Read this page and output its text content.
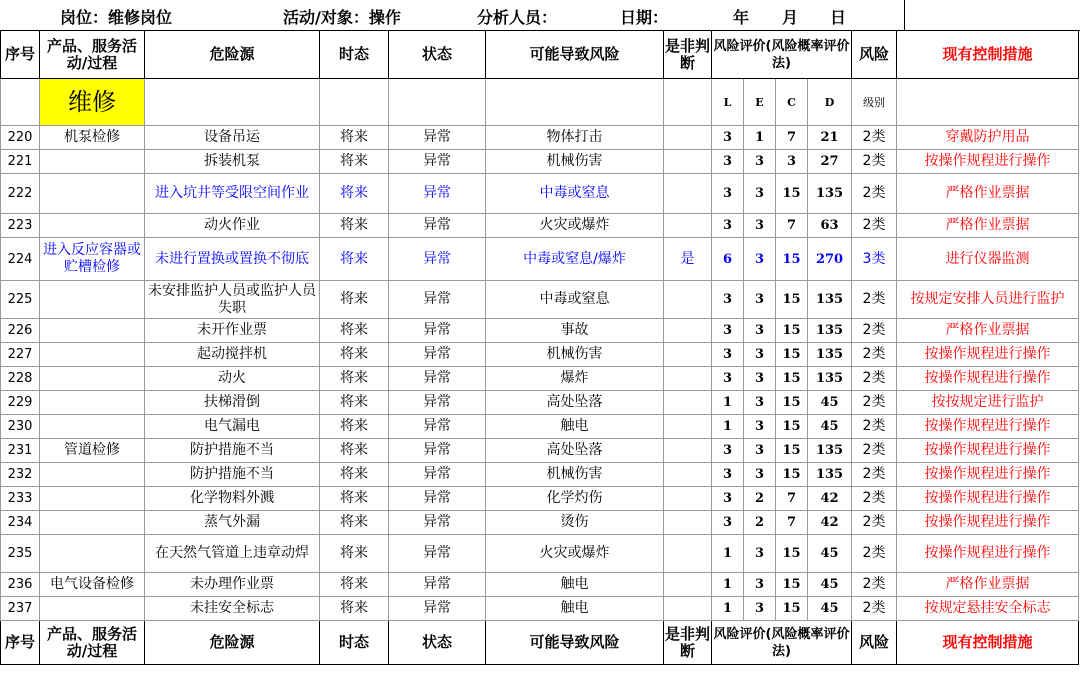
岗位：维修岗位	活动/对象：操作	分析人员：	日期：	年 月 日
序号	产品、服务活动/过程	危险源	时态	状态	可能导致风险	是非判断	风险评价(风险概率评价法)				风险	现有控制措施
	维修						L	E	C	D	级别	
220	机泵检修	设备吊运	将来	异常	物体打击		3	1	7	21	2类	穿戴防护用品
221		拆装机泵	将来	异常	机械伤害		3	3	3	27	2类	按操作规程进行操作
222		进入坑井等受限空间作业	将来	异常	中毒或窒息		3	3	15	135	2类	严格作业票据
223		动火作业	将来	异常	火灾或爆炸		3	3	7	63	2类	严格作业票据
224	进入反应容器或贮槽检修	未进行置换或置换不彻底	将来	异常	中毒或窒息/爆炸	是	6	3	15	270	3类	进行仪器监测
225		未安排监护人员或监护人员失职	将来	异常	中毒或窒息		3	3	15	135	2类	按规定安排人员进行监护
226		未开作业票	将来	异常	事故		3	3	15	135	2类	严格作业票据
227		起动搅拌机	将来	异常	机械伤害		3	3	15	135	2类	按操作规程进行操作
228		动火	将来	异常	爆炸		3	3	15	135	2类	按操作规程进行操作
229		扶梯滑倒	将来	异常	高处坠落		1	3	15	45	2类	按按规定进行监护
230		电气漏电	将来	异常	触电		1	3	15	45	2类	按操作规程进行操作
231	管道检修	防护措施不当	将来	异常	高处坠落		3	3	15	135	2类	按操作规程进行操作
232		防护措施不当	将来	异常	机械伤害		3	3	15	135	2类	按操作规程进行操作
233		化学物料外溅	将来	异常	化学灼伤		3	2	7	42	2类	按操作规程进行操作
234		蒸气外漏	将来	异常	烫伤		3	2	7	42	2类	按操作规程进行操作
235		在天然气管道上违章动焊	将来	异常	火灾或爆炸		1	3	15	45	2类	按操作规程进行操作
236	电气设备检修	未办理作业票	将来	异常	触电		1	3	15	45	2类	严格作业票据
237		未挂安全标志	将来	异常	触电		1	3	15	45	2类	按规定悬挂安全标志
序号	产品、服务活动/过程	危险源	时态	状态	可能导致风险	是非判断	风险评价(风险概率评价法)				风险	现有控制措施
